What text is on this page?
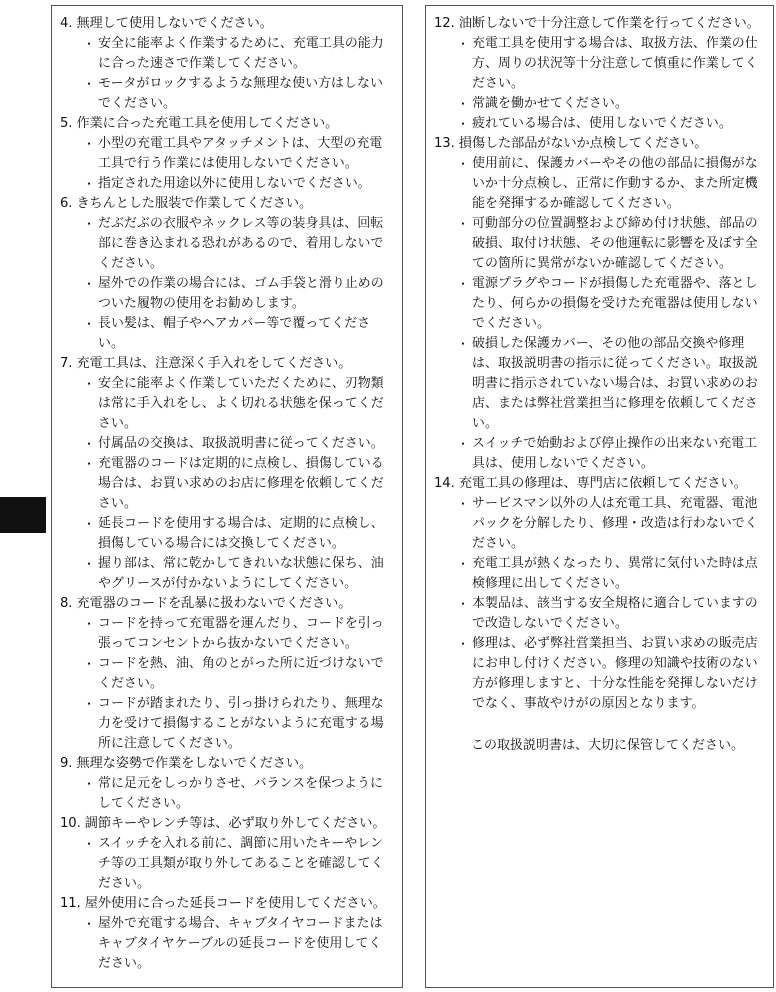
4. 無理して使用しないでください。
・ 安全に能率よく作業するために、充電工具の能力に合った速さで作業してください。
・ モータがロックするような無理な使い方はしないでください。
5. 作業に合った充電工具を使用してください。
・ 小型の充電工具やアタッチメントは、大型の充電工具で行う作業には使用しないでください。
・ 指定された用途以外に使用しないでください。
6. きちんとした服装で作業してください。
・ だぶだぶの衣服やネックレス等の装身具は、回転部に巻き込まれる恐れがあるので、着用しないでください。
・ 屋外での作業の場合には、ゴム手袋と滑り止めのついた履物の使用をお勧めします。
・ 長い髪は、帽子やヘアカバー等で覆ってください。
7. 充電工具は、注意深く手入れをしてください。
・ 安全に能率よく作業していただくために、刃物類は常に手入れをし、よく切れる状態を保ってください。
・ 付属品の交換は、取扱説明書に従ってください。
・ 充電器のコードは定期的に点検し、損傷している場合は、お買い求めのお店に修理を依頼してください。
・ 延長コードを使用する場合は、定期的に点検し、損傷している場合には交換してください。
・ 握り部は、常に乾かしてきれいな状態に保ち、油やグリースが付かないようにしてください。
8. 充電器のコードを乱暴に扱わないでください。
・ コードを持って充電器を運んだり、コードを引っ張ってコンセントから抜かないでください。
・ コードを熱、油、角のとがった所に近づけないでください。
・ コードが踏まれたり、引っ掛けられたり、無理な力を受けて損傷することがないように充電する場所に注意してください。
9. 無理な姿勢で作業をしないでください。
・ 常に足元をしっかりさせ、バランスを保つようにしてください。
10. 調節キーやレンチ等は、必ず取り外してください。
・ スイッチを入れる前に、調節に用いたキーやレンチ等の工具類が取り外してあることを確認してください。
11. 屋外使用に合った延長コードを使用してください。
・ 屋外で充電する場合、キャブタイヤコードまたはキャブタイヤケーブルの延長コードを使用してください。
12. 油断しないで十分注意して作業を行ってください。
・ 充電工具を使用する場合は、取扱方法、作業の仕方、周りの状況等十分注意して慎重に作業してください。
・ 常識を働かせてください。
・ 疲れている場合は、使用しないでください。
13. 損傷した部品がないか点検してください。
・ 使用前に、保護カバーやその他の部品に損傷がないか十分点検し、正常に作動するか、また所定機能を発揮するか確認してください。
・ 可動部分の位置調整および締め付け状態、部品の破損、取付け状態、その他運転に影響を及ぼす全ての箇所に異常がないか確認してください。
・ 電源プラグやコードが損傷した充電器や、落としたり、何らかの損傷を受けた充電器は使用しないでください。
・ 破損した保護カバー、その他の部品交換や修理は、取扱説明書の指示に従ってください。取扱説明書に指示されていない場合は、お買い求めのお店、または弊社営業担当に修理を依頼してください。
・ スイッチで始動および停止操作の出来ない充電工具は、使用しないでください。
14. 充電工具の修理は、専門店に依頼してください。
・ サービスマン以外の人は充電工具、充電器、電池パックを分解したり、修理・改造は行わないでください。
・ 充電工具が熱くなったり、異常に気付いた時は点検修理に出してください。
・ 本製品は、該当する安全規格に適合していますので改造しないでください。
・ 修理は、必ず弊社営業担当、お買い求めの販売店にお申し付けください。修理の知識や技術のない方が修理しますと、十分な性能を発揮しないだけでなく、事故やけがの原因となります。
この取扱説明書は、大切に保管してください。
